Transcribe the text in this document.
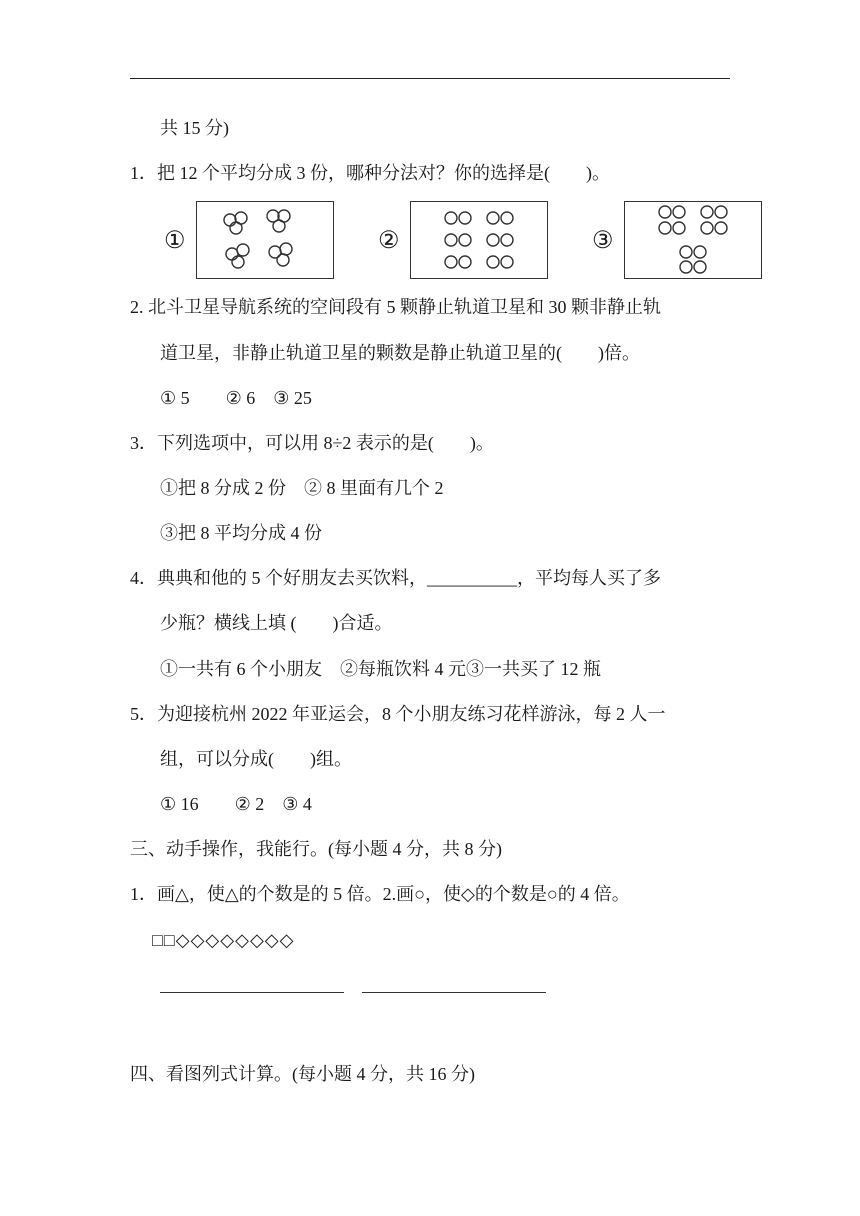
共 15 分)
1．把 12 个平均分成 3 份，哪种分法对？你的选择是(　　)。
①	②	③
2. 北斗卫星导航系统的空间段有 5 颗静止轨道卫星和 30 颗非静止轨
道卫星，非静止轨道卫星的颗数是静止轨道卫星的(　　)倍。
① 5　　② 6　③ 25
3．下列选项中，可以用 8÷2 表示的是(　　)。
①把 8 分成 2 份　② 8 里面有几个 2
③把 8 平均分成 4 份
4．典典和他的 5 个好朋友去买饮料，__________，平均每人买了多
少瓶？横线上填 (　　)合适。
①一共有 6 个小朋友　②每瓶饮料 4 元③一共买了 12 瓶
5．为迎接杭州 2022 年亚运会，8 个小朋友练习花样游泳，每 2 人一
组，可以分成(　　)组。
① 16　　② 2　③ 4
三、动手操作，我能行。(每小题 4 分，共 8 分)
1．画△，使△的个数是的 5 倍。2.画○，使◇的个数是○的 4 倍。
□□◇◇◇◇◇◇◇◇
四、看图列式计算。(每小题 4 分，共 16 分)
